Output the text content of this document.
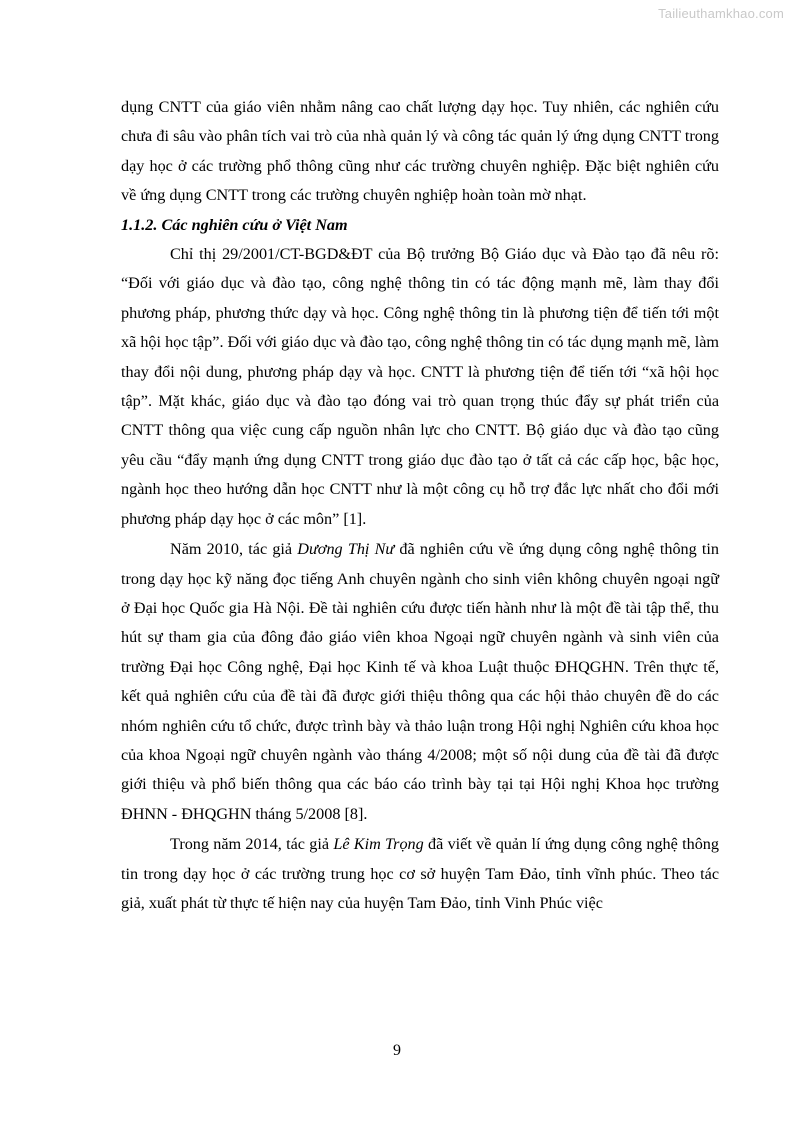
Tailieuthamkhao.com

dụng CNTT của giáo viên nhằm nâng cao chất lượng dạy học. Tuy nhiên, các nghiên cứu chưa đi sâu vào phân tích vai trò của nhà quản lý và công tác quản lý ứng dụng CNTT trong dạy học ở các trường phổ thông cũng như các trường chuyên nghiệp. Đặc biệt nghiên cứu về ứng dụng CNTT trong các trường chuyên nghiệp hoàn toàn mờ nhạt.

1.1.2. Các nghiên cứu ở Việt Nam

Chỉ thị 29/2001/CT-BGD&ĐT của Bộ trưởng Bộ Giáo dục và Đào tạo đã nêu rõ: “Đối với giáo dục và đào tạo, công nghệ thông tin có tác động mạnh mẽ, làm thay đổi phương pháp, phương thức dạy và học. Công nghệ thông tin là phương tiện để tiến tới một xã hội học tập”. Đối với giáo dục và đào tạo, công nghệ thông tin có tác dụng mạnh mẽ, làm thay đổi nội dung, phương pháp dạy và học. CNTT là phương tiện để tiến tới “xã hội học tập”. Mặt khác, giáo dục và đào tạo đóng vai trò quan trọng thúc đẩy sự phát triển của CNTT thông qua việc cung cấp nguồn nhân lực cho CNTT. Bộ giáo dục và đào tạo cũng yêu cầu “đẩy mạnh ứng dụng CNTT trong giáo dục đào tạo ở tất cả các cấp học, bậc học, ngành học theo hướng dẫn học CNTT như là một công cụ hỗ trợ đắc lực nhất cho đổi mới phương pháp dạy học ở các môn” [1].

Năm 2010, tác giả Dương Thị Nư đã nghiên cứu về ứng dụng công nghệ thông tin trong dạy học kỹ năng đọc tiếng Anh chuyên ngành cho sinh viên không chuyên ngoại ngữ ở Đại học Quốc gia Hà Nội. Đề tài nghiên cứu được tiến hành như là một đề tài tập thể, thu hút sự tham gia của đông đảo giáo viên khoa Ngoại ngữ chuyên ngành và sinh viên của trường Đại học Công nghệ, Đại học Kinh tế và khoa Luật thuộc ĐHQGHN. Trên thực tế, kết quả nghiên cứu của đề tài đã được giới thiệu thông qua các hội thảo chuyên đề do các nhóm nghiên cứu tổ chức, được trình bày và thảo luận trong Hội nghị Nghiên cứu khoa học của khoa Ngoại ngữ chuyên ngành vào tháng 4/2008; một số nội dung của đề tài đã được giới thiệu và phổ biến thông qua các báo cáo trình bày tại tại Hội nghị Khoa học trường ĐHNN - ĐHQGHN tháng 5/2008 [8].

Trong năm 2014, tác giả Lê Kim Trọng đã viết về quản lí ứng dụng công nghệ thông tin trong dạy học ở các trường trung học cơ sở huyện Tam Đảo, tỉnh vĩnh phúc. Theo tác giả, xuất phát từ thực tế hiện nay của huyện Tam Đảo, tỉnh Vinh Phúc việc

9
